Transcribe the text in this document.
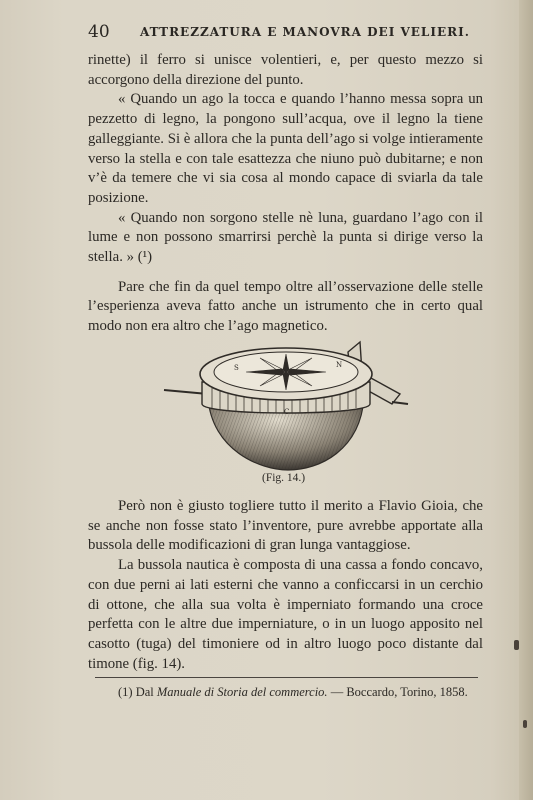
40	ATTREZZATURA E MANOVRA DEI VELIERI.

rinette) il ferro si unisce volentieri, e, per questo mezzo si accorgono della direzione del punto.

« Quando un ago la tocca e quando l’hanno messa sopra un pezzetto di legno, la pongono sull’acqua, ove il legno la tiene galleggiante. Si è allora che la punta dell’ago si volge intieramente verso la stella e con tale esattezza che niuno può dubitarne; e non v’è da temere che vi sia cosa al mondo capace di sviarla da tale posizione.

« Quando non sorgono stelle nè luna, guardano l’ago con il lume e non possono smarrirsi perchè la punta si dirige verso la stella. » (¹)

Pare che fin da quel tempo oltre all’osservazione delle stelle l’esperienza aveva fatto anche un istrumento che in certo qual modo non era altro che l’ago magnetico.

N
S
C
(Fig. 14.)

Però non è giusto togliere tutto il merito a Flavio Gioia, che se anche non fosse stato l’inventore, pure avrebbe apportate alla bussola delle modificazioni di gran lunga vantaggiose.

La bussola nautica è composta di una cassa a fondo concavo, con due perni ai lati esterni che vanno a conficcarsi in un cerchio di ottone, che alla sua volta è imperniato formando una croce perfetta con le altre due imperniature, o in un luogo apposito nel casotto (tuga) del timoniere od in altro luogo poco distante dal timone (fig. 14).

(1) Dal Manuale di Storia del commercio. — Boccardo, Torino, 1858.
